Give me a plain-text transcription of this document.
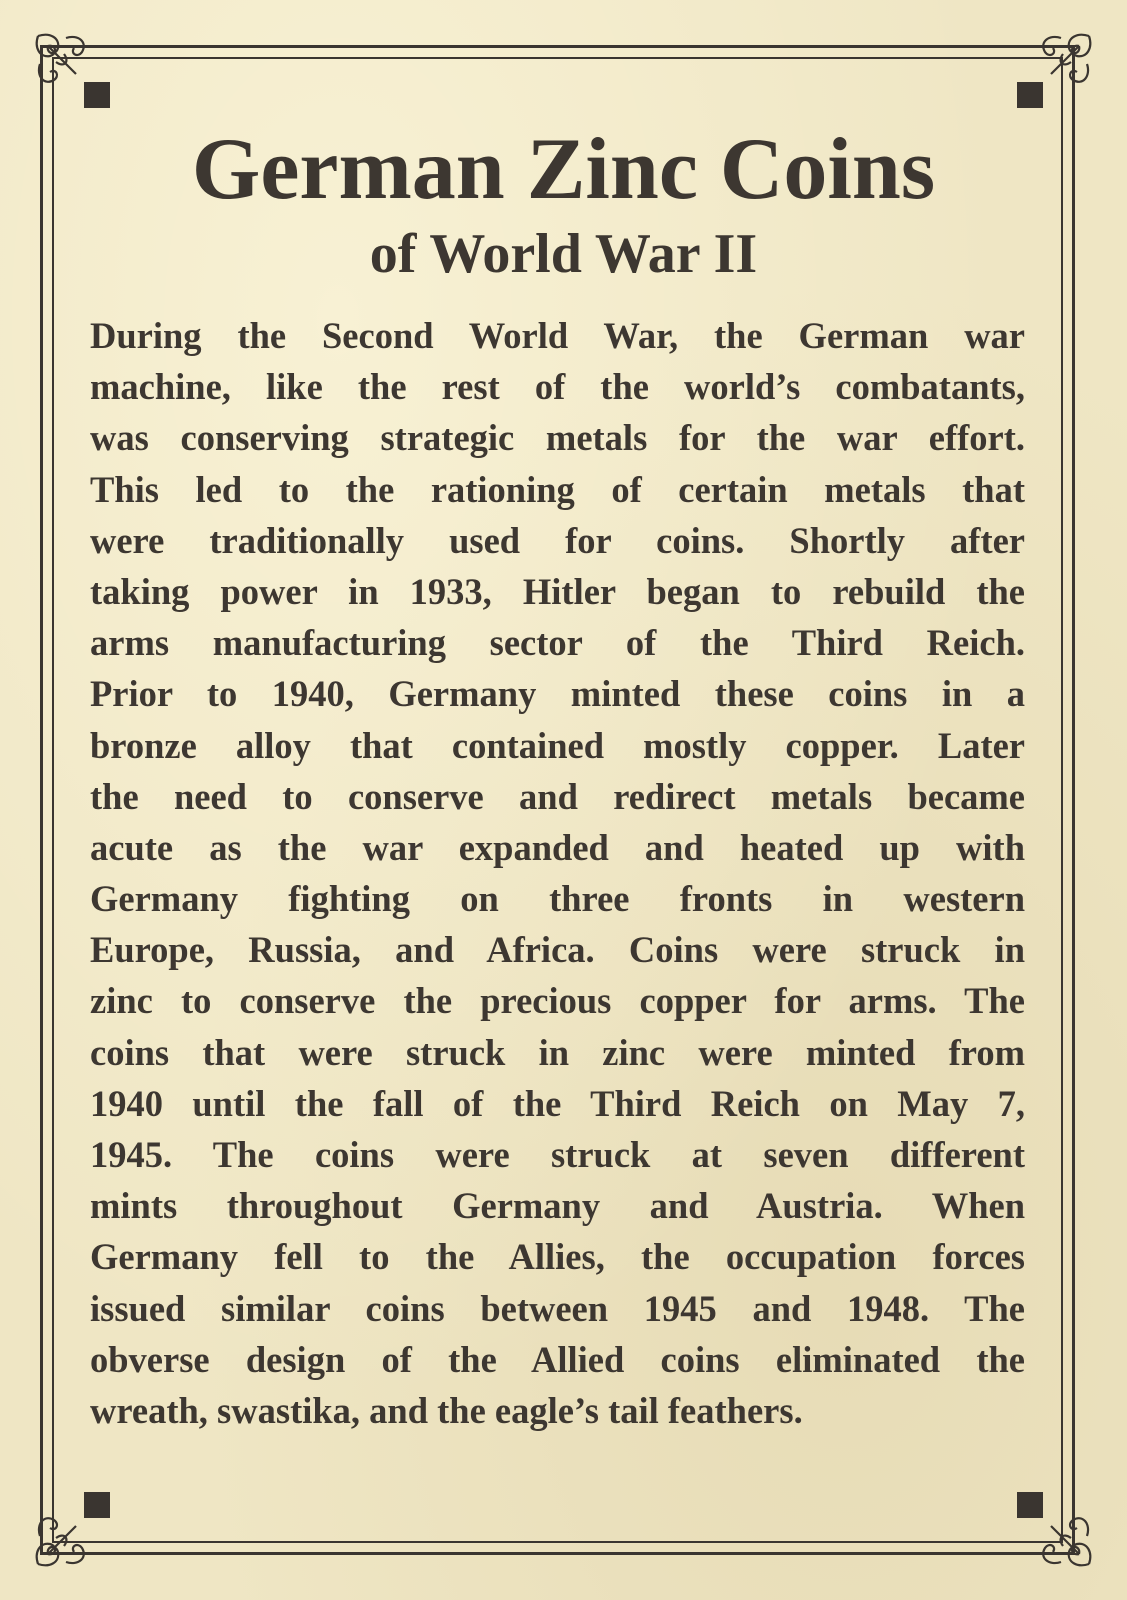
German Zinc Coins
of World War II
During the Second World War, the German war
machine, like the rest of the world’s combatants,
was conserving strategic metals for the war effort.
This led to the rationing of certain metals that
were traditionally used for coins. Shortly after
taking power in 1933, Hitler began to rebuild the
arms manufacturing sector of the Third Reich.
Prior to 1940, Germany minted these coins in a
bronze alloy that contained mostly copper. Later
the need to conserve and redirect metals became
acute as the war expanded and heated up with
Germany fighting on three fronts in western
Europe, Russia, and Africa. Coins were struck in
zinc to conserve the precious copper for arms. The
coins that were struck in zinc were minted from
1940 until the fall of the Third Reich on May 7,
1945. The coins were struck at seven different
mints throughout Germany and Austria. When
Germany fell to the Allies, the occupation forces
issued similar coins between 1945 and 1948. The
obverse design of the Allied coins eliminated the
wreath, swastika, and the eagle’s tail feathers.
